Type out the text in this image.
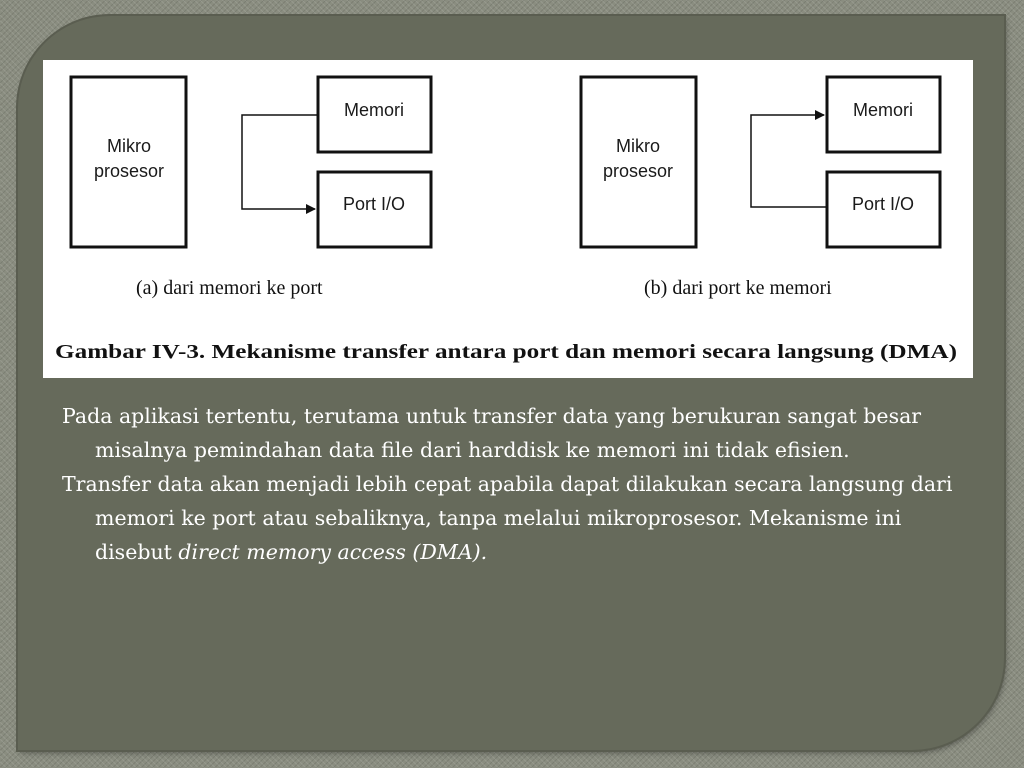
Mikro
prosesor
Memori
Port I/O
(a) dari memori ke port
Mikro
prosesor
Memori
Port I/O
(b) dari port ke memori
Gambar IV-3. Mekanisme transfer antara port dan memori secara langsung (DMA)

Pada aplikasi tertentu, terutama untuk transfer data yang berukuran sangat besar misalnya pemindahan data file dari harddisk ke memori ini tidak efisien.

Transfer data akan menjadi lebih cepat apabila dapat dilakukan secara langsung dari memori ke port atau sebaliknya, tanpa melalui mikroprosesor. Mekanisme ini disebut direct memory access (DMA).
